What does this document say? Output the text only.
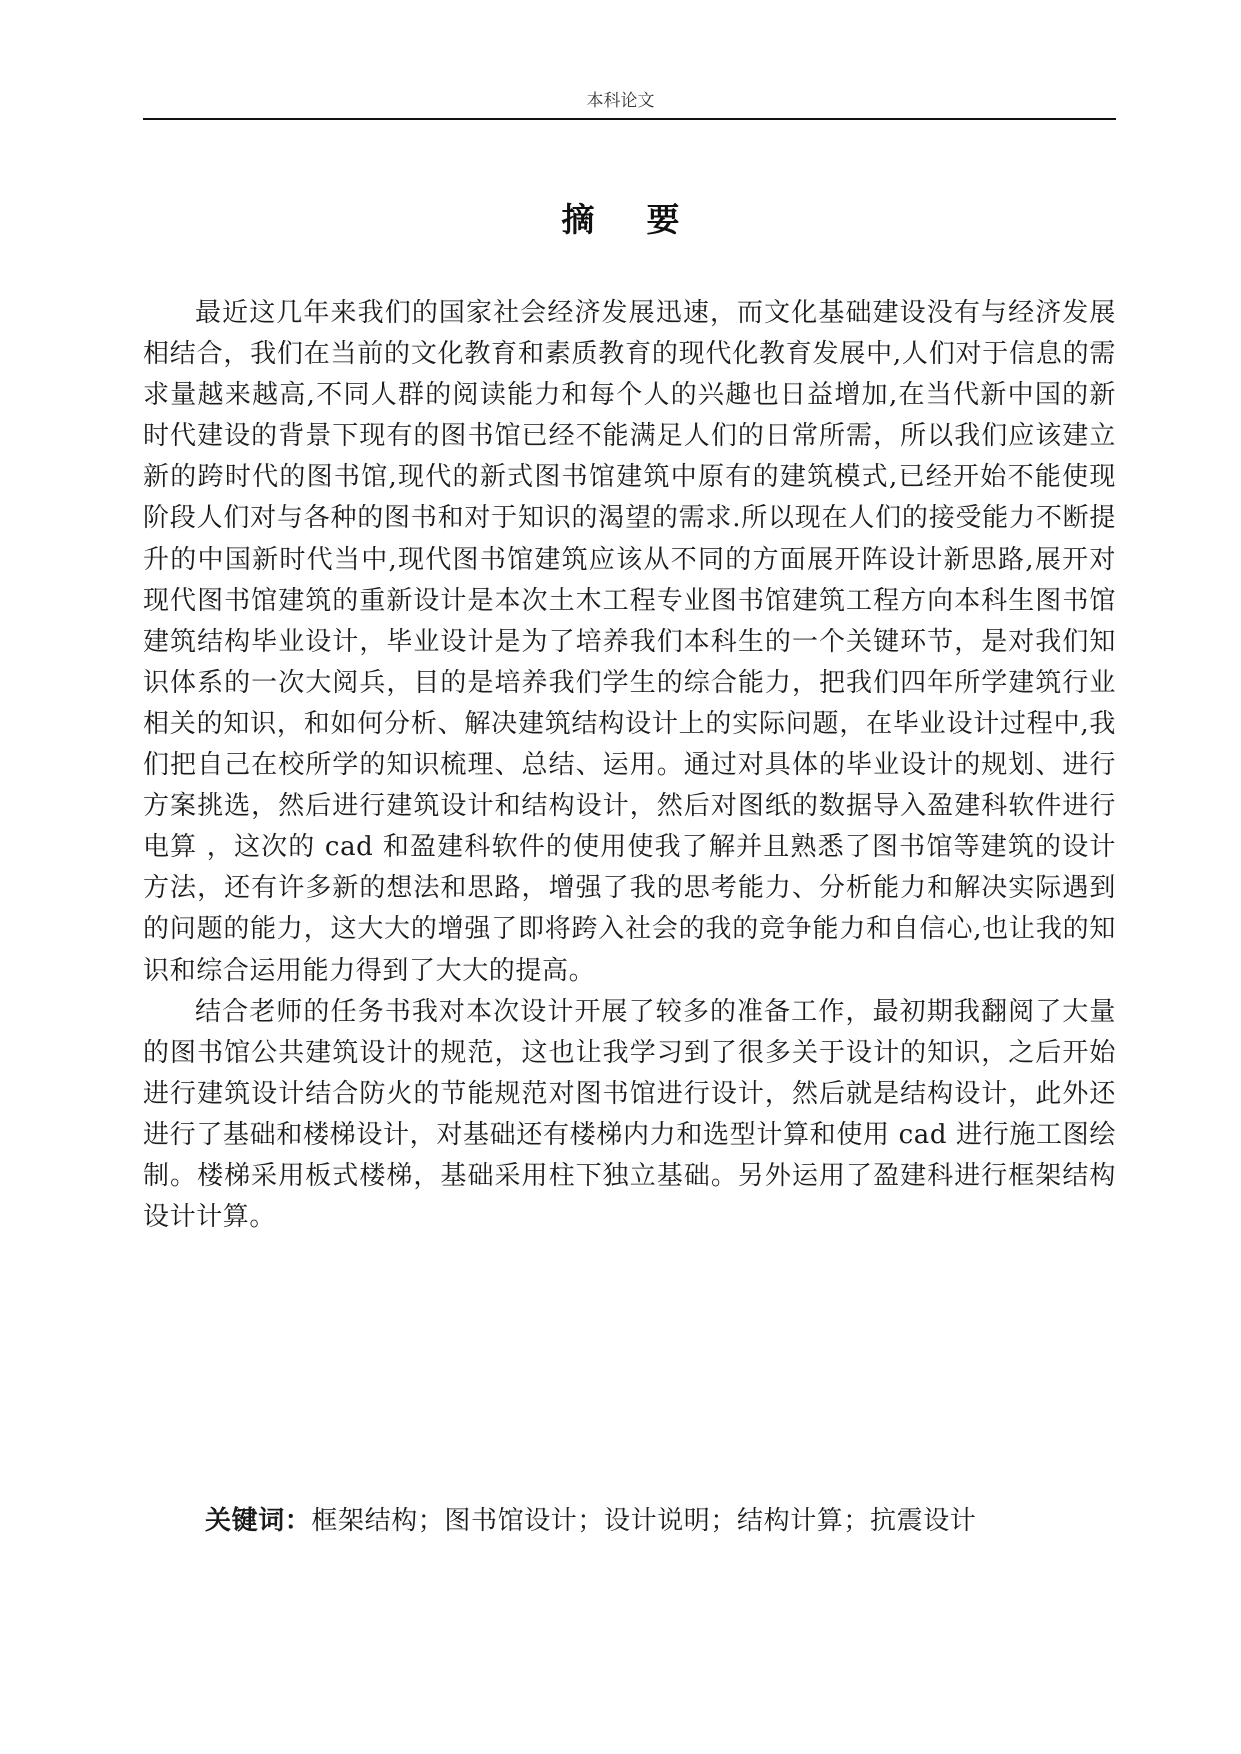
本科论文
摘要

最近这几年来我们的国家社会经济发展迅速，而文化基础建设没有与经济发展相结合，我们在当前的文化教育和素质教育的现代化教育发展中,人们对于信息的需求量越来越高,不同人群的阅读能力和每个人的兴趣也日益增加,在当代新中国的新时代建设的背景下现有的图书馆已经不能满足人们的日常所需，所以我们应该建立新的跨时代的图书馆,现代的新式图书馆建筑中原有的建筑模式,已经开始不能使现阶段人们对与各种的图书和对于知识的渴望的需求.所以现在人们的接受能力不断提升的中国新时代当中,现代图书馆建筑应该从不同的方面展开阵设计新思路,展开对现代图书馆建筑的重新设计是本次土木工程专业图书馆建筑工程方向本科生图书馆建筑结构毕业设计，毕业设计是为了培养我们本科生的一个关键环节，是对我们知识体系的一次大阅兵，目的是培养我们学生的综合能力，把我们四年所学建筑行业相关的知识，和如何分析、解决建筑结构设计上的实际问题，在毕业设计过程中,我们把自己在校所学的知识梳理、总结、运用。通过对具体的毕业设计的规划、进行方案挑选，然后进行建筑设计和结构设计，然后对图纸的数据导入盈建科软件进行电算 ，这次的 cad 和盈建科软件的使用使我了解并且熟悉了图书馆等建筑的设计方法，还有许多新的想法和思路，增强了我的思考能力、分析能力和解决实际遇到的问题的能力，这大大的增强了即将跨入社会的我的竞争能力和自信心,也让我的知识和综合运用能力得到了大大的提高。

结合老师的任务书我对本次设计开展了较多的准备工作，最初期我翻阅了大量的图书馆公共建筑设计的规范，这也让我学习到了很多关于设计的知识，之后开始进行建筑设计结合防火的节能规范对图书馆进行设计，然后就是结构设计，此外还进行了基础和楼梯设计，对基础还有楼梯内力和选型计算和使用 cad 进行施工图绘制。楼梯采用板式楼梯，基础采用柱下独立基础。另外运用了盈建科进行框架结构设计计算。

关键词：框架结构；图书馆设计；设计说明；结构计算；抗震设计
